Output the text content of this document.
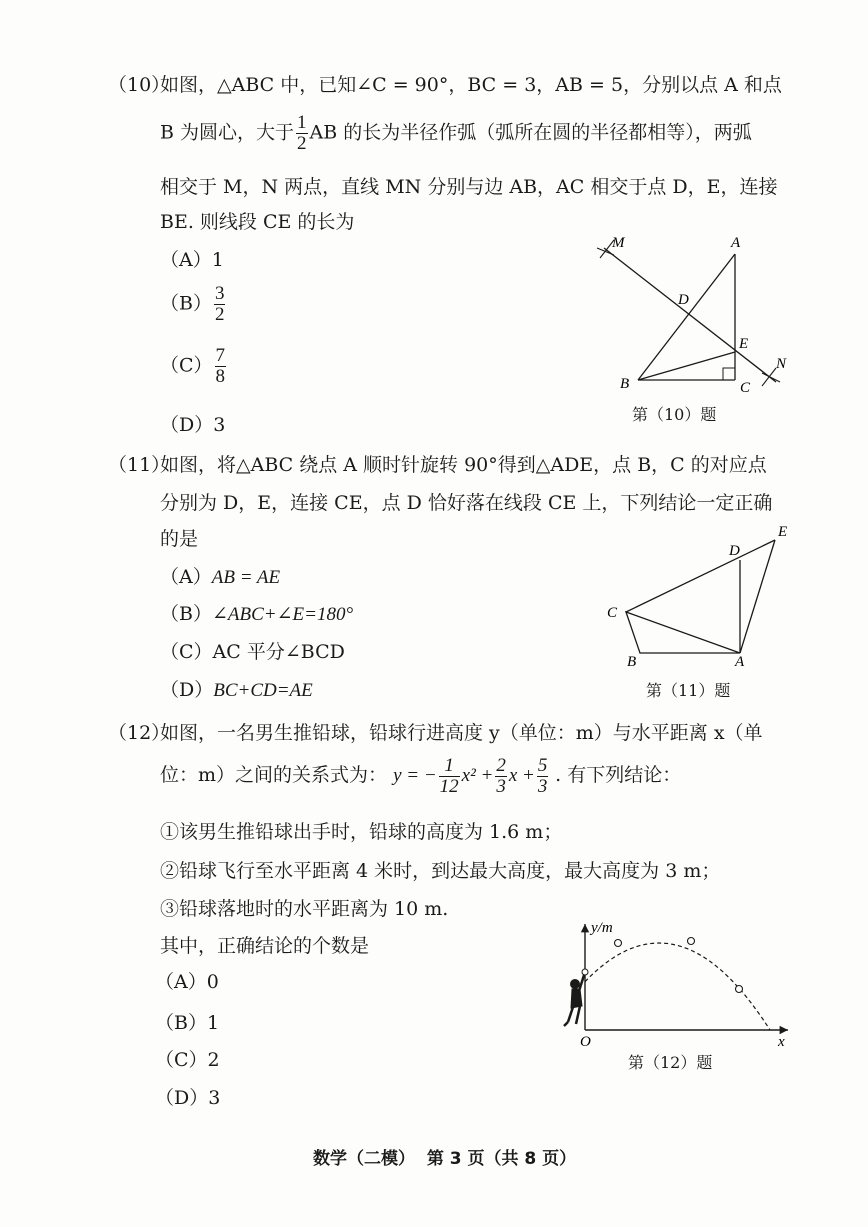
（10）
如图，△ABC 中，已知∠C = 90°，BC = 3，AB = 5，分别以点 A 和点
B 为圆心，大于 $\frac{1}{2}$ AB 的长为半径作弧（弧所在圆的半径都相等），两弧
相交于 M，N 两点，直线 MN 分别与边 AB，AC 相交于点 D，E，连接
BE. 则线段 CE 的长为
（A）1
$(B) \frac{3}{2}$
$(C) \frac{7}{8}$
（D）3
M	A
D
E
N
B	C
第（10）题
（11）
如图，将△ABC 绕点 A 顺时针旋转 90°得到△ADE，点 B，C 的对应点
分别为 D，E，连接 CE，点 D 恰好落在线段 CE 上，下列结论一定正确
的是
（A）AB = AE
（B）∠ABC+∠E=180°
（C）AC 平分∠BCD
（D）BC+CD=AE
E
D
C
B	A
第（11）题
（12）
如图，一名男生推铅球，铅球行进高度 y（单位：m）与水平距离 x（单
位：m）之间的关系式为： y = − $\frac{1}{12} x^2 + \frac{2}{3}$ $x + \frac{5}{3}$ . 有下列结论：
①该男生推铅球出手时，铅球的高度为 1.6 m；
②铅球飞行至水平距离 4 米时，到达最大高度，最大高度为 3 m；
③铅球落地时的水平距离为 10 m.
其中，正确结论的个数是
（A）0
（B）1
（C）2
（D）3
y/m
x
O
第（12）题
数学（二模）  第 3 页（共 8 页）
